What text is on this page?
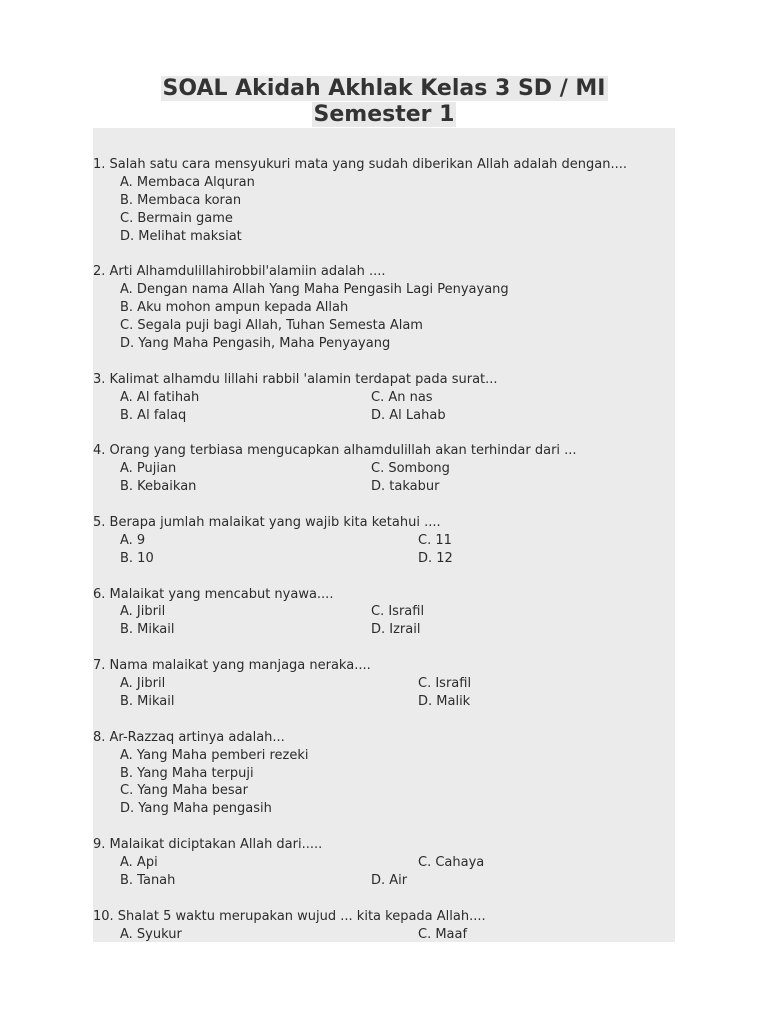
SOAL Akidah Akhlak Kelas 3 SD / MI
Semester 1
1. Salah satu cara mensyukuri mata yang sudah diberikan Allah adalah dengan....
A. Membaca Alquran
B. Membaca koran
C. Bermain game
D. Melihat maksiat
2. Arti Alhamdulillahirobbil'alamiin adalah ....
A. Dengan nama Allah Yang Maha Pengasih Lagi Penyayang
B. Aku mohon ampun kepada Allah
C. Segala puji bagi Allah, Tuhan Semesta Alam
D. Yang Maha Pengasih, Maha Penyayang
3. Kalimat alhamdu lillahi rabbil 'alamin terdapat pada surat...
A. Al fatihah	C. An nas
B. Al falaq	D. Al Lahab
4. Orang yang terbiasa mengucapkan alhamdulillah akan terhindar dari ...
A. Pujian	C. Sombong
B. Kebaikan	D. takabur
5. Berapa jumlah malaikat yang wajib kita ketahui ....
A. 9	C. 11
B. 10	D. 12
6. Malaikat yang mencabut nyawa....
A. Jibril	C. Israfil
B. Mikail	D. Izrail
7. Nama malaikat yang manjaga neraka....
A. Jibril	C. Israfil
B. Mikail	D. Malik
8. Ar-Razzaq artinya adalah...
A. Yang Maha pemberi rezeki
B. Yang Maha terpuji
C. Yang Maha besar
D. Yang Maha pengasih
9. Malaikat diciptakan Allah dari.....
A. Api	C. Cahaya
B. Tanah	D. Air
10. Shalat 5 waktu merupakan wujud ... kita kepada Allah....
A. Syukur	C. Maaf
